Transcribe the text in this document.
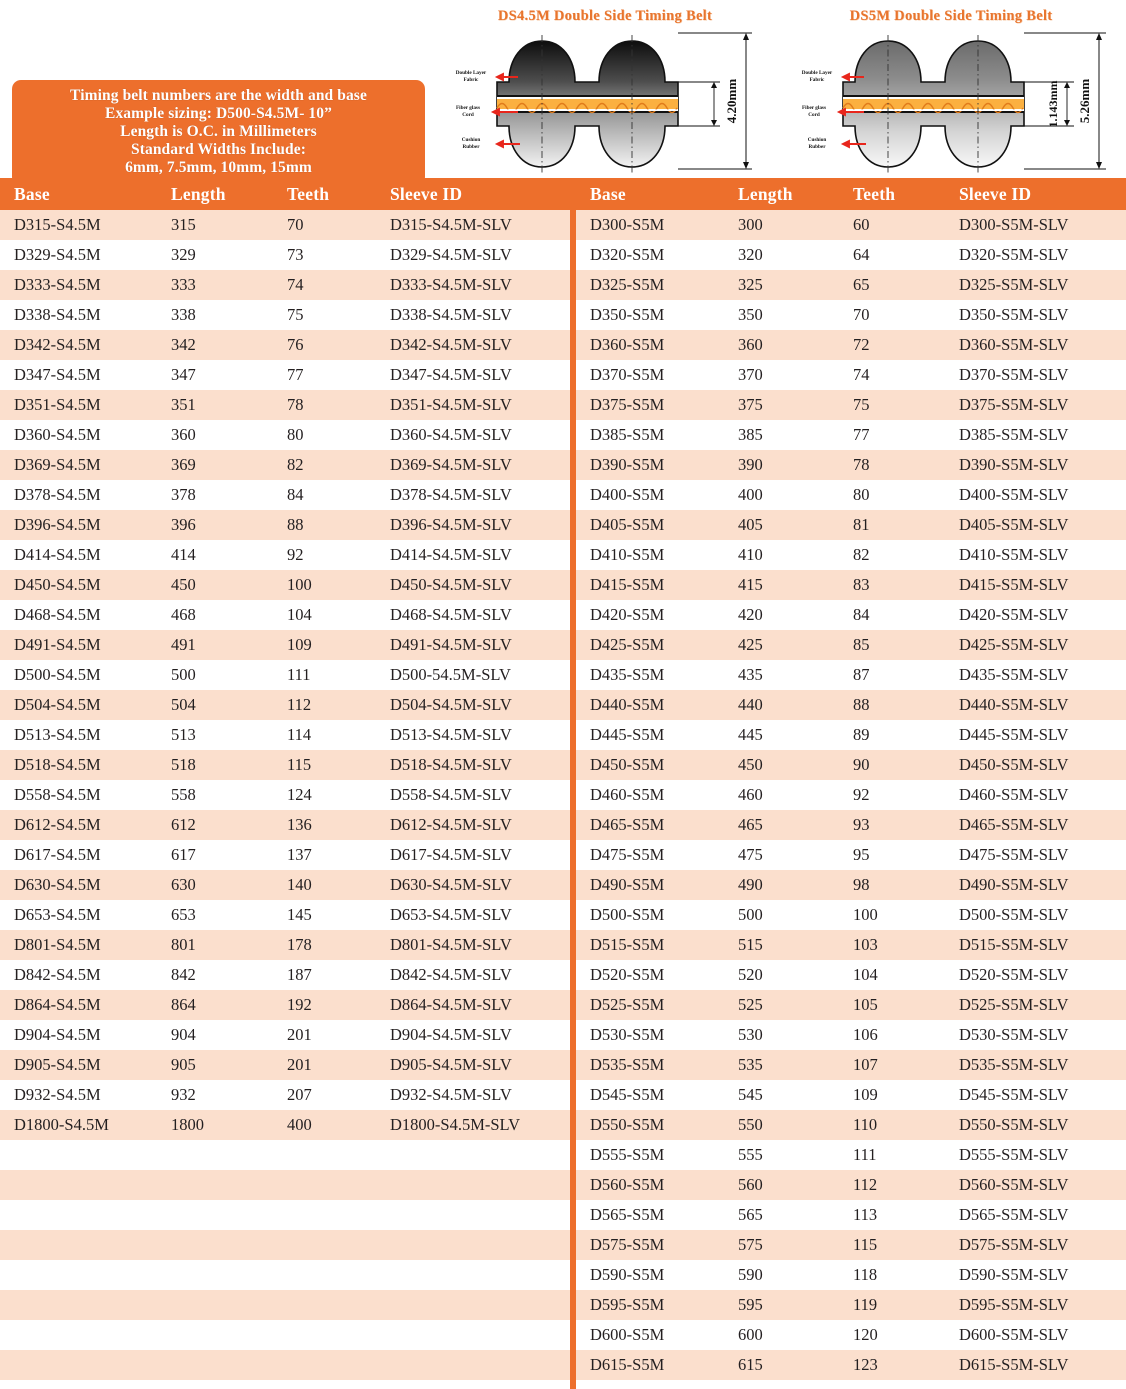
Timing belt numbers are the width and base
Example sizing: D500-S4.5M- 10”
Length is O.C. in Millimeters
Standard Widths Include:
6mm, 7.5mm, 10mm, 15mm
DS4.5M Double Side Timing Belt
Double Layer
Fabric
Fiber glass
Cord
Cushion
Rubber
4.20mm
DS5M Double Side Timing Belt
Double Layer
Fabric
Fiber glass
Cord
Cushion
Rubber
5.26mm
1.143mm
Base	Length	Teeth	Sleeve ID
D315-S4.5M	315	70	D315-S4.5M-SLV
D329-S4.5M	329	73	D329-S4.5M-SLV
D333-S4.5M	333	74	D333-S4.5M-SLV
D338-S4.5M	338	75	D338-S4.5M-SLV
D342-S4.5M	342	76	D342-S4.5M-SLV
D347-S4.5M	347	77	D347-S4.5M-SLV
D351-S4.5M	351	78	D351-S4.5M-SLV
D360-S4.5M	360	80	D360-S4.5M-SLV
D369-S4.5M	369	82	D369-S4.5M-SLV
D378-S4.5M	378	84	D378-S4.5M-SLV
D396-S4.5M	396	88	D396-S4.5M-SLV
D414-S4.5M	414	92	D414-S4.5M-SLV
D450-S4.5M	450	100	D450-S4.5M-SLV
D468-S4.5M	468	104	D468-S4.5M-SLV
D491-S4.5M	491	109	D491-S4.5M-SLV
D500-S4.5M	500	111	D500-54.5M-SLV
D504-S4.5M	504	112	D504-S4.5M-SLV
D513-S4.5M	513	114	D513-S4.5M-SLV
D518-S4.5M	518	115	D518-S4.5M-SLV
D558-S4.5M	558	124	D558-S4.5M-SLV
D612-S4.5M	612	136	D612-S4.5M-SLV
D617-S4.5M	617	137	D617-S4.5M-SLV
D630-S4.5M	630	140	D630-S4.5M-SLV
D653-S4.5M	653	145	D653-S4.5M-SLV
D801-S4.5M	801	178	D801-S4.5M-SLV
D842-S4.5M	842	187	D842-S4.5M-SLV
D864-S4.5M	864	192	D864-S4.5M-SLV
D904-S4.5M	904	201	D904-S4.5M-SLV
D905-S4.5M	905	201	D905-S4.5M-SLV
D932-S4.5M	932	207	D932-S4.5M-SLV
D1800-S4.5M	1800	400	D1800-S4.5M-SLV

Base	Length	Teeth	Sleeve ID
D300-S5M	300	60	D300-S5M-SLV
D320-S5M	320	64	D320-S5M-SLV
D325-S5M	325	65	D325-S5M-SLV
D350-S5M	350	70	D350-S5M-SLV
D360-S5M	360	72	D360-S5M-SLV
D370-S5M	370	74	D370-S5M-SLV
D375-S5M	375	75	D375-S5M-SLV
D385-S5M	385	77	D385-S5M-SLV
D390-S5M	390	78	D390-S5M-SLV
D400-S5M	400	80	D400-S5M-SLV
D405-S5M	405	81	D405-S5M-SLV
D410-S5M	410	82	D410-S5M-SLV
D415-S5M	415	83	D415-S5M-SLV
D420-S5M	420	84	D420-S5M-SLV
D425-S5M	425	85	D425-S5M-SLV
D435-S5M	435	87	D435-S5M-SLV
D440-S5M	440	88	D440-S5M-SLV
D445-S5M	445	89	D445-S5M-SLV
D450-S5M	450	90	D450-S5M-SLV
D460-S5M	460	92	D460-S5M-SLV
D465-S5M	465	93	D465-S5M-SLV
D475-S5M	475	95	D475-S5M-SLV
D490-S5M	490	98	D490-S5M-SLV
D500-S5M	500	100	D500-S5M-SLV
D515-S5M	515	103	D515-S5M-SLV
D520-S5M	520	104	D520-S5M-SLV
D525-S5M	525	105	D525-S5M-SLV
D530-S5M	530	106	D530-S5M-SLV
D535-S5M	535	107	D535-S5M-SLV
D545-S5M	545	109	D545-S5M-SLV
D550-S5M	550	110	D550-S5M-SLV
D555-S5M	555	111	D555-S5M-SLV
D560-S5M	560	112	D560-S5M-SLV
D565-S5M	565	113	D565-S5M-SLV
D575-S5M	575	115	D575-S5M-SLV
D590-S5M	590	118	D590-S5M-SLV
D595-S5M	595	119	D595-S5M-SLV
D600-S5M	600	120	D600-S5M-SLV
D615-S5M	615	123	D615-S5M-SLV
